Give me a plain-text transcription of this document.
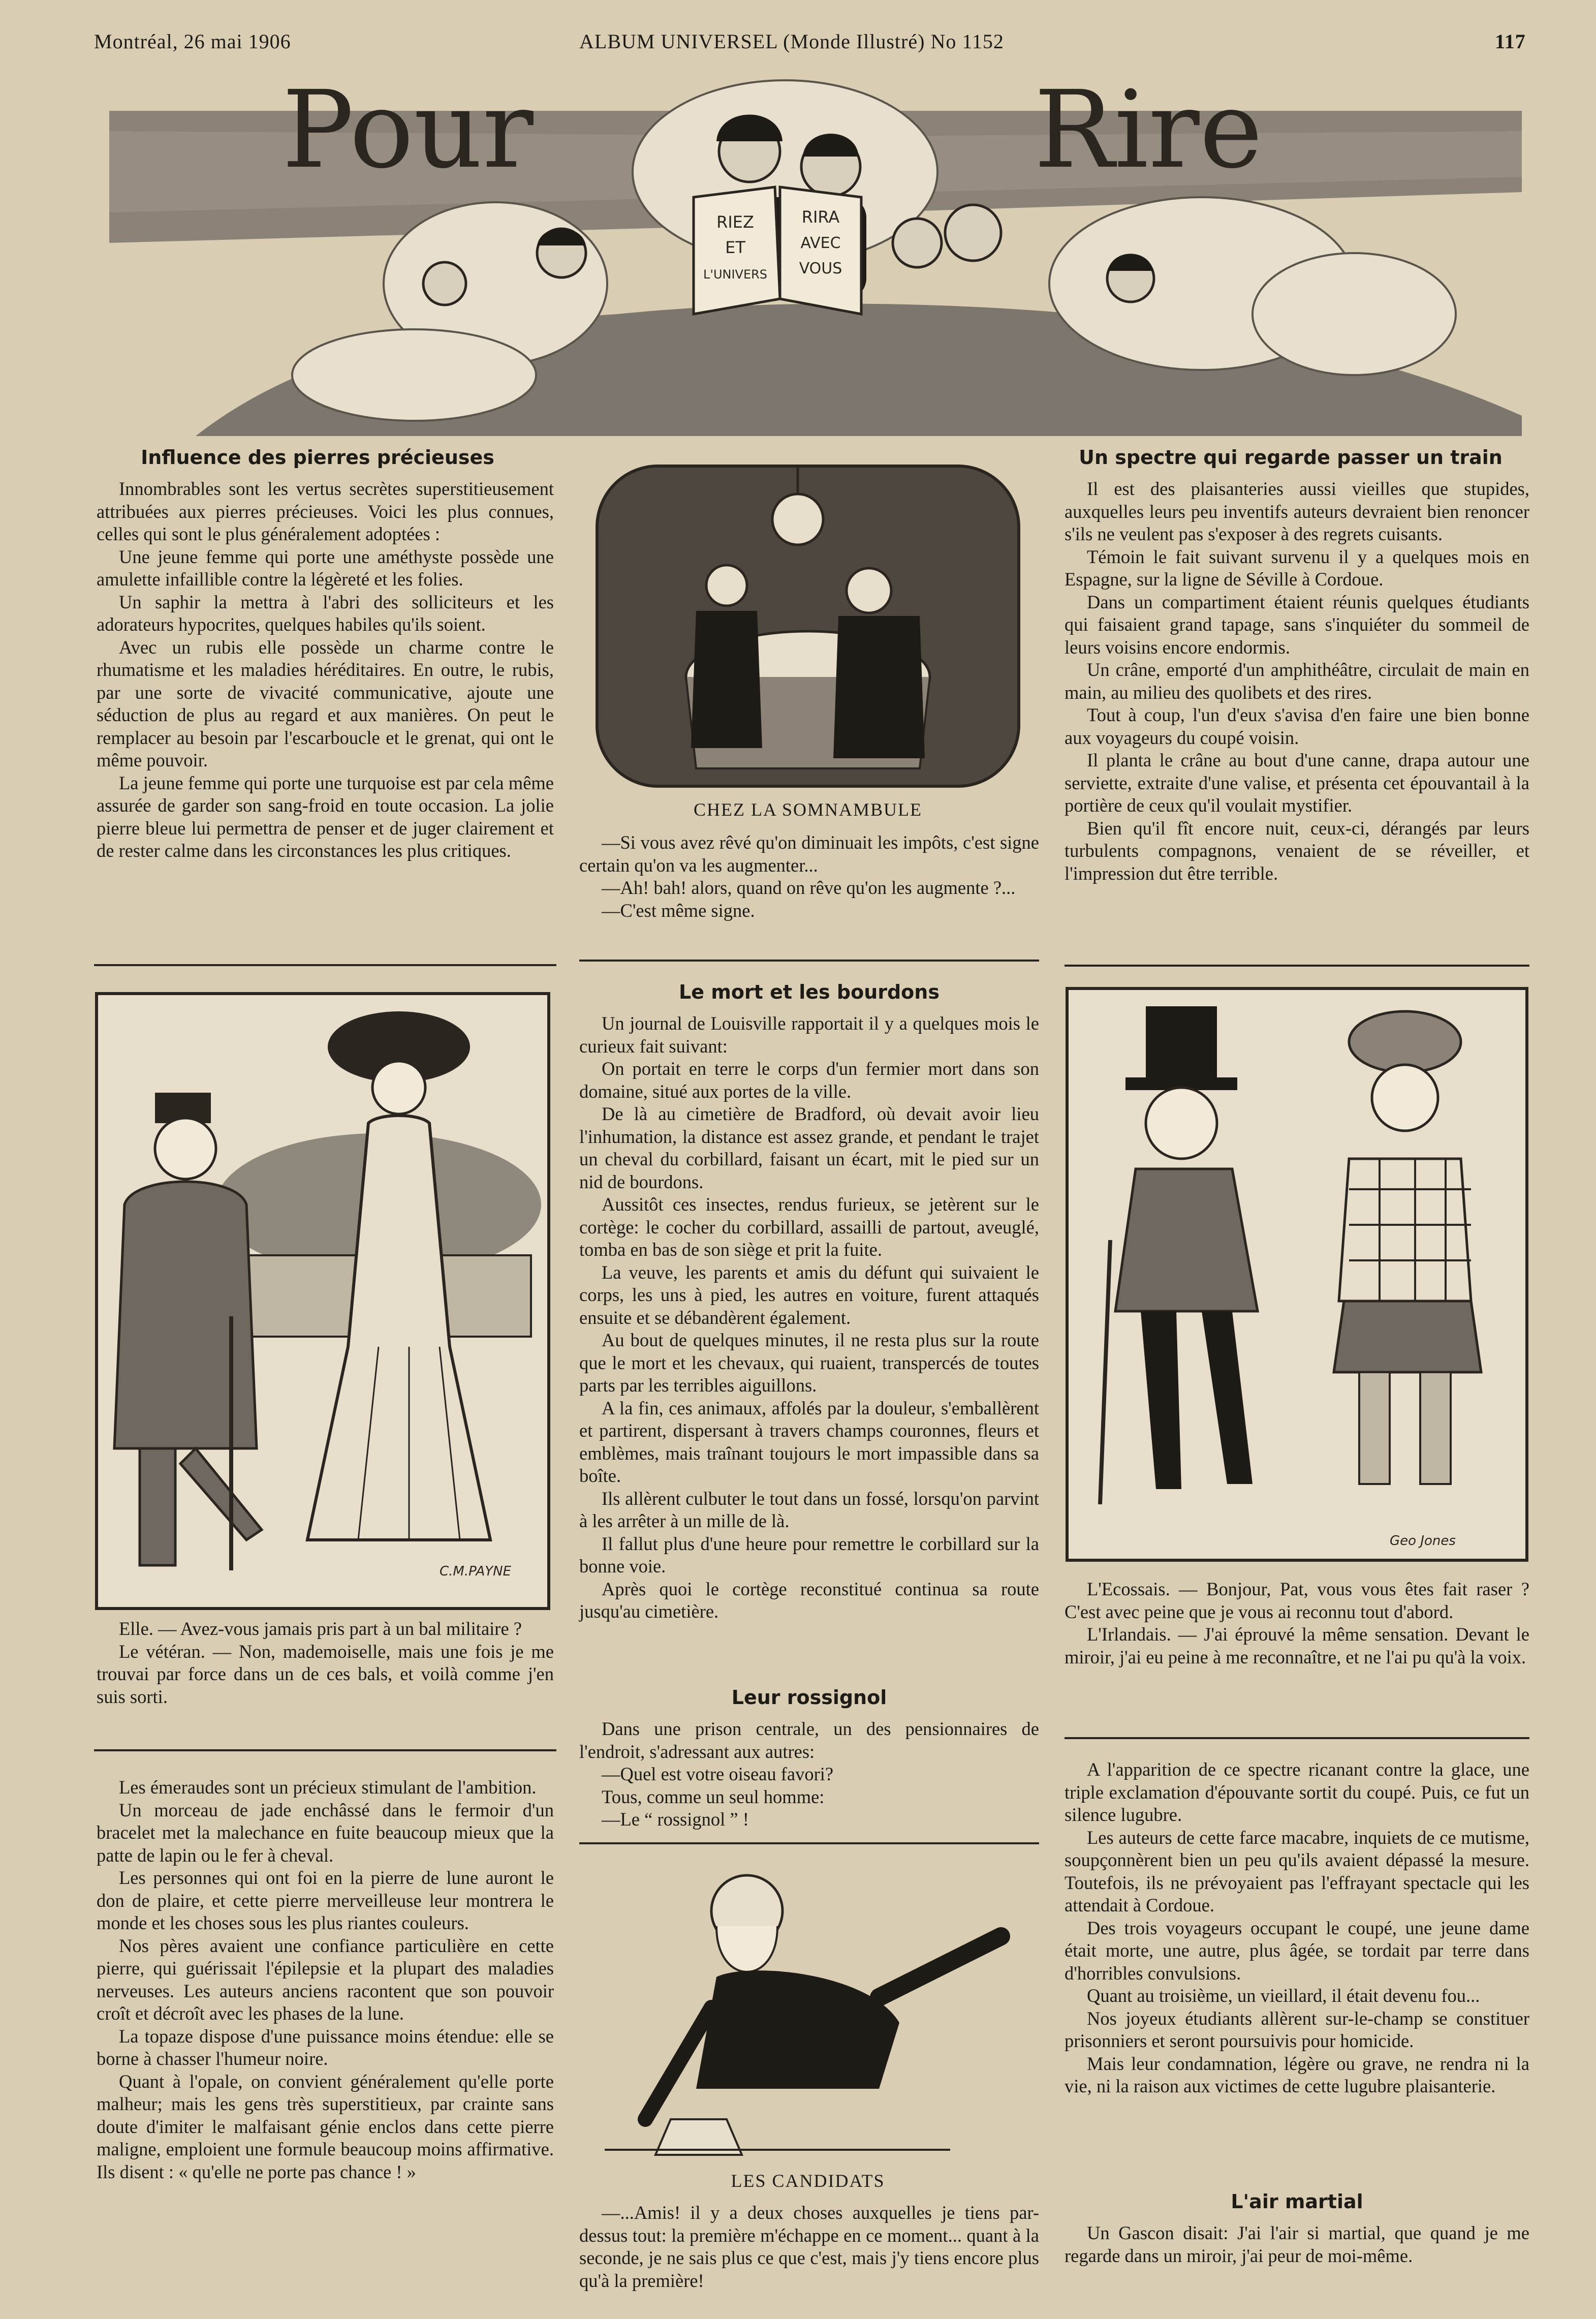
Montréal, 26 mai 1906	ALBUM UNIVERSEL (Monde Illustré) No 1152	117
RIEZ
ET
L'UNIVERS
RIRA
AVEC
VOUS
Pour	Rire
Influence des pierres précieuses

Innombrables sont les vertus secrètes superstitieusement attribuées aux pierres précieuses. Voici les plus connues, celles qui sont le plus généralement adoptées :

Une jeune femme qui porte une améthyste possède une amulette infaillible contre la légèreté et les folies.

Un saphir la mettra à l'abri des solliciteurs et les adorateurs hypocrites, quelques habiles qu'ils soient.

Avec un rubis elle possède un charme contre le rhumatisme et les maladies héréditaires. En outre, le rubis, par une sorte de vivacité communicative, ajoute une séduction de plus au regard et aux manières. On peut le remplacer au besoin par l'escarboucle et le grenat, qui ont le même pouvoir.

La jeune femme qui porte une turquoise est par cela même assurée de garder son sang-froid en toute occasion. La jolie pierre bleue lui permettra de penser et de juger clairement et de rester calme dans les circonstances les plus critiques.

C.M.PAYNE

Elle. — Avez-vous jamais pris part à un bal militaire ?

Le vétéran. — Non, mademoiselle, mais une fois je me trouvai par force dans un de ces bals, et voilà comme j'en suis sorti.

Les émeraudes sont un précieux stimulant de l'ambition.

Un morceau de jade enchâssé dans le fermoir d'un bracelet met la malechance en fuite beaucoup mieux que la patte de lapin ou le fer à cheval.

Les personnes qui ont foi en la pierre de lune auront le don de plaire, et cette pierre merveilleuse leur montrera le monde et les choses sous les plus riantes couleurs.

Nos pères avaient une confiance particulière en cette pierre, qui guérissait l'épilepsie et la plupart des maladies nerveuses. Les auteurs anciens racontent que son pouvoir croît et décroît avec les phases de la lune.

La topaze dispose d'une puissance moins étendue: elle se borne à chasser l'humeur noire.

Quant à l'opale, on convient généralement qu'elle porte malheur; mais les gens très superstitieux, par crainte sans doute d'imiter le malfaisant génie enclos dans cette pierre maligne, emploient une formule beaucoup moins affirmative. Ils disent : « qu'elle ne porte pas chance ! »

CHEZ LA SOMNAMBULE

—Si vous avez rêvé qu'on diminuait les impôts, c'est signe certain qu'on va les augmenter...

—Ah! bah! alors, quand on rêve qu'on les augmente ?...

—C'est même signe.

Le mort et les bourdons

Un journal de Louisville rapportait il y a quelques mois le curieux fait suivant:

On portait en terre le corps d'un fermier mort dans son domaine, situé aux portes de la ville.

De là au cimetière de Bradford, où devait avoir lieu l'inhumation, la distance est assez grande, et pendant le trajet un cheval du corbillard, faisant un écart, mit le pied sur un nid de bourdons.

Aussitôt ces insectes, rendus furieux, se jetèrent sur le cortège: le cocher du corbillard, assailli de partout, aveuglé, tomba en bas de son siège et prit la fuite.

La veuve, les parents et amis du défunt qui suivaient le corps, les uns à pied, les autres en voiture, furent attaqués ensuite et se débandèrent également.

Au bout de quelques minutes, il ne resta plus sur la route que le mort et les chevaux, qui ruaient, transpercés de toutes parts par les terribles aiguillons.

A la fin, ces animaux, affolés par la douleur, s'emballèrent et partirent, dispersant à travers champs couronnes, fleurs et emblèmes, mais traînant toujours le mort impassible dans sa boîte.

Ils allèrent culbuter le tout dans un fossé, lorsqu'on parvint à les arrêter à un mille de là.

Il fallut plus d'une heure pour remettre le corbillard sur la bonne voie.

Après quoi le cortège reconstitué continua sa route jusqu'au cimetière.

Leur rossignol

Dans une prison centrale, un des pensionnaires de l'endroit, s'adressant aux autres:

—Quel est votre oiseau favori?

Tous, comme un seul homme:

—Le “ rossignol ” !

LES CANDIDATS

—...Amis! il y a deux choses auxquelles je tiens par-dessus tout: la première m'échappe en ce moment... quant à la seconde, je ne sais plus ce que c'est, mais j'y tiens encore plus qu'à la première!

Un spectre qui regarde passer un train

Il est des plaisanteries aussi vieilles que stupides, auxquelles leurs peu inventifs auteurs devraient bien renoncer s'ils ne veulent pas s'exposer à des regrets cuisants.

Témoin le fait suivant survenu il y a quelques mois en Espagne, sur la ligne de Séville à Cordoue.

Dans un compartiment étaient réunis quelques étudiants qui faisaient grand tapage, sans s'inquiéter du sommeil de leurs voisins encore endormis.

Un crâne, emporté d'un amphithéâtre, circulait de main en main, au milieu des quolibets et des rires.

Tout à coup, l'un d'eux s'avisa d'en faire une bien bonne aux voyageurs du coupé voisin.

Il planta le crâne au bout d'une canne, drapa autour une serviette, extraite d'une valise, et présenta cet épouvantail à la portière de ceux qu'il voulait mystifier.

Bien qu'il fît encore nuit, ceux-ci, dérangés par leurs turbulents compagnons, venaient de se réveiller, et l'impression dut être terrible.

Geo Jones

L'Ecossais. — Bonjour, Pat, vous vous êtes fait raser ? C'est avec peine que je vous ai reconnu tout d'abord.

L'Irlandais. — J'ai éprouvé la même sensation. Devant le miroir, j'ai eu peine à me reconnaître, et ne l'ai pu qu'à la voix.

A l'apparition de ce spectre ricanant contre la glace, une triple exclamation d'épouvante sortit du coupé. Puis, ce fut un silence lugubre.

Les auteurs de cette farce macabre, inquiets de ce mutisme, soupçonnèrent bien un peu qu'ils avaient dépassé la mesure. Toutefois, ils ne prévoyaient pas l'effrayant spectacle qui les attendait à Cordoue.

Des trois voyageurs occupant le coupé, une jeune dame était morte, une autre, plus âgée, se tordait par terre dans d'horribles convulsions.

Quant au troisième, un vieillard, il était devenu fou...

Nos joyeux étudiants allèrent sur-le-champ se constituer prisonniers et seront poursuivis pour homicide.

Mais leur condamnation, légère ou grave, ne rendra ni la vie, ni la raison aux victimes de cette lugubre plaisanterie.

L'air martial

Un Gascon disait: J'ai l'air si martial, que quand je me regarde dans un miroir, j'ai peur de moi-même.
